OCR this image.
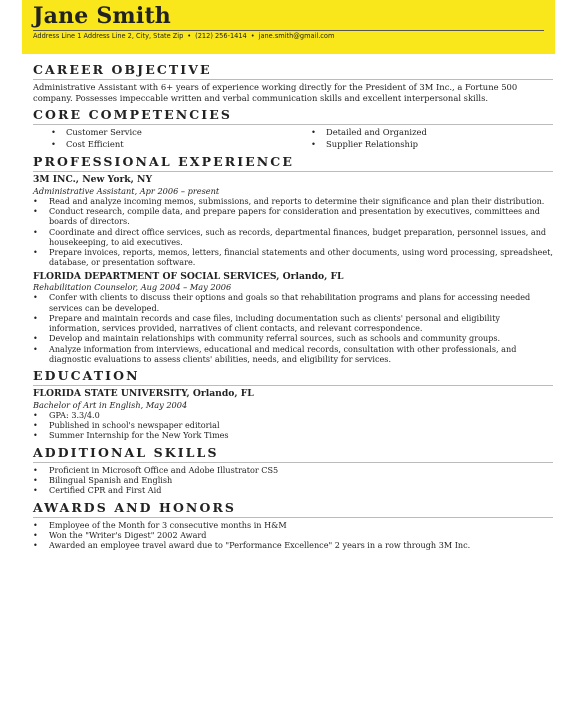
Jane Smith
Address Line 1 Address Line 2, City, State Zip • (212) 256-1414 • jane.smith@gmail.com
CAREER OBJECTIVE

Administrative Assistant with 6+ years of experience working directly for the President of 3M Inc., a Fortune 500 company. Possesses impeccable written and verbal communication skills and excellent interpersonal skills.

CORE COMPETENCIES
• Customer Service
• Cost Efficient
• Detailed and Organized
• Supplier Relationship
PROFESSIONAL EXPERIENCE

3M INC., New York, NY

Administrative Assistant, Apr 2006 – present

• Read and analyze incoming memos, submissions, and reports to determine their significance and plan their distribution.
• Conduct research, compile data, and prepare papers for consideration and presentation by executives, committees and boards of directors.
• Coordinate and direct office services, such as records, departmental finances, budget preparation, personnel issues, and housekeeping, to aid executives.
• Prepare invoices, reports, memos, letters, financial statements and other documents, using word processing, spreadsheet, database, or presentation software.

FLORIDA DEPARTMENT OF SOCIAL SERVICES, Orlando, FL

Rehabilitation Counselor, Aug 2004 – May 2006

• Confer with clients to discuss their options and goals so that rehabilitation programs and plans for accessing needed services can be developed.
• Prepare and maintain records and case files, including documentation such as clients' personal and eligibility information, services provided, narratives of client contacts, and relevant correspondence.
• Develop and maintain relationships with community referral sources, such as schools and community groups.
• Analyze information from interviews, educational and medical records, consultation with other professionals, and diagnostic evaluations to assess clients' abilities, needs, and eligibility for services.
EDUCATION

FLORIDA STATE UNIVERSITY, Orlando, FL

Bachelor of Art in English, May 2004

• GPA: 3.3/4.0
• Published in school's newspaper editorial
• Summer Internship for the New York Times
ADDITIONAL SKILLS
• Proficient in Microsoft Office and Adobe Illustrator CS5
• Bilingual Spanish and English
• Certified CPR and First Aid
AWARDS AND HONORS
• Employee of the Month for 3 consecutive months in H&M
• Won the "Writer's Digest" 2002 Award
• Awarded an employee travel award due to "Performance Excellence" 2 years in a row through 3M Inc.
